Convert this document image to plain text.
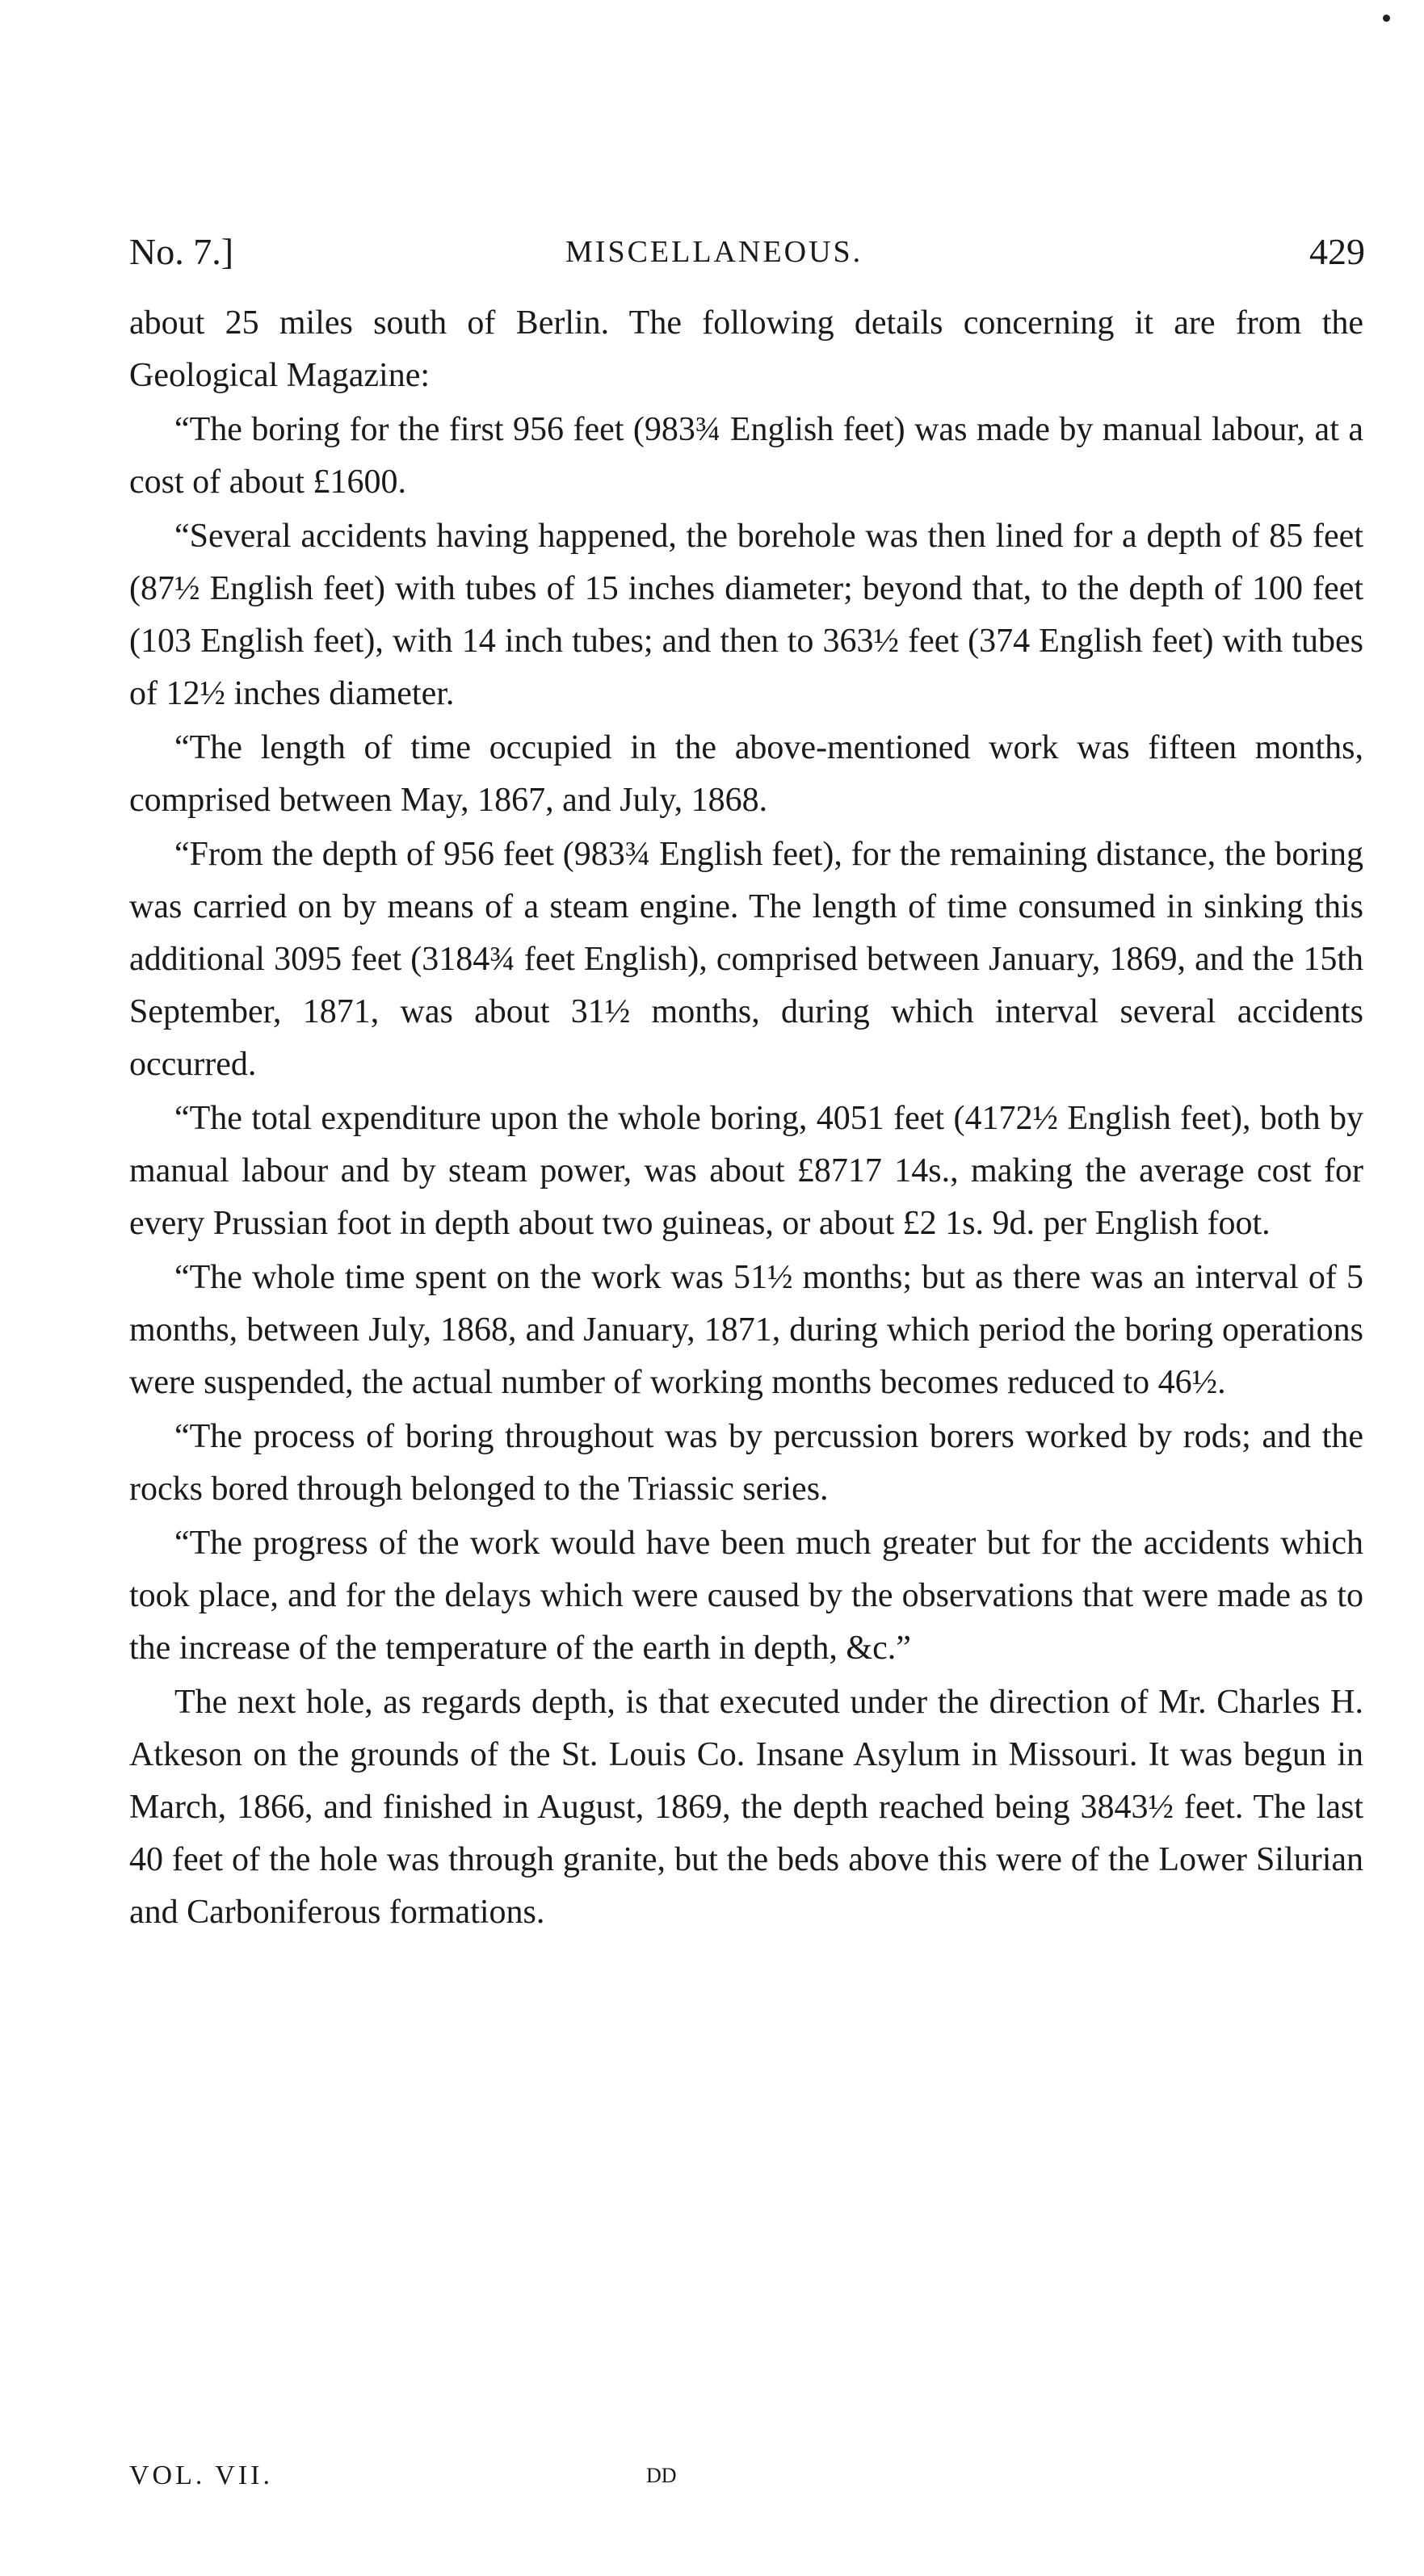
No. 7.]	MISCELLANEOUS.	429

about 25 miles south of Berlin. The following details concerning it are from the Geological Magazine:

“The boring for the first 956 feet (983¾ English feet) was made by manual labour, at a cost of about £1600.

“Several accidents having happened, the borehole was then lined for a depth of 85 feet (87½ English feet) with tubes of 15 inches diameter; beyond that, to the depth of 100 feet (103 English feet), with 14 inch tubes; and then to 363½ feet (374 English feet) with tubes of 12½ inches diameter.

“The length of time occupied in the above-mentioned work was fifteen months, comprised between May, 1867, and July, 1868.

“From the depth of 956 feet (983¾ English feet), for the remaining distance, the boring was carried on by means of a steam engine. The length of time consumed in sinking this additional 3095 feet (3184¾ feet English), comprised between January, 1869, and the 15th September, 1871, was about 31½ months, during which interval several accidents occurred.

“The total expenditure upon the whole boring, 4051 feet (4172½ English feet), both by manual labour and by steam power, was about £8717 14s., making the average cost for every Prussian foot in depth about two guineas, or about £2 1s. 9d. per English foot.

“The whole time spent on the work was 51½ months; but as there was an interval of 5 months, between July, 1868, and January, 1871, during which period the boring operations were suspended, the actual number of working months becomes reduced to 46½.

“The process of boring throughout was by percussion borers worked by rods; and the rocks bored through belonged to the Triassic series.

“The progress of the work would have been much greater but for the accidents which took place, and for the delays which were caused by the observations that were made as to the increase of the temperature of the earth in depth, &c.”

The next hole, as regards depth, is that executed under the direction of Mr. Charles H. Atkeson on the grounds of the St. Louis Co. Insane Asylum in Missouri. It was begun in March, 1866, and finished in August, 1869, the depth reached being 3843½ feet. The last 40 feet of the hole was through granite, but the beds above this were of the Lower Silurian and Carboniferous formations.

VOL. VII.	DD
